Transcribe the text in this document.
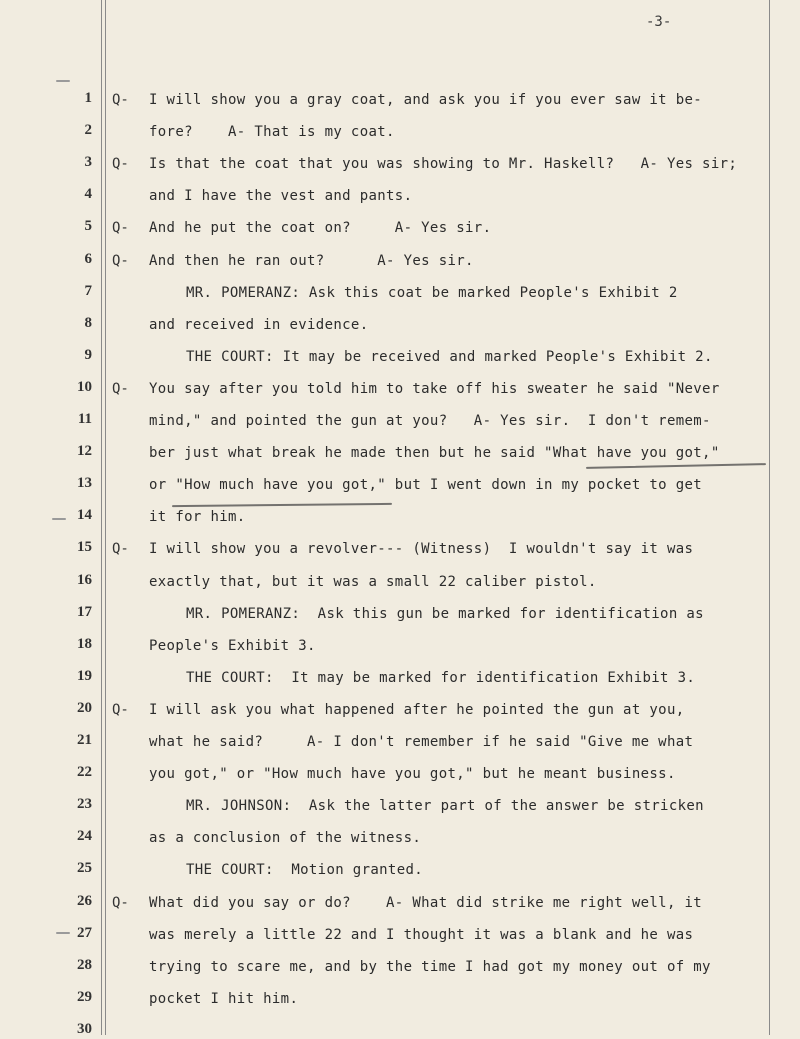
-3-
1 Q- I will show you a gray coat, and ask you if you ever saw it be-
2	fore?    A- That is my coat.
3 Q- Is that the coat that you was showing to Mr. Haskell?   A- Yes sir;
4	and I have the vest and pants.
5 Q- And he put the coat on?     A- Yes sir.
6 Q- And then he ran out?      A- Yes sir.
7	MR. POMERANZ: Ask this coat be marked People's Exhibit 2
8	and received in evidence.
9	THE COURT: It may be received and marked People's Exhibit 2.
10 Q- You say after you told him to take off his sweater he said "Never
11	mind," and pointed the gun at you?   A- Yes sir.  I don't remem-
12	ber just what break he made then but he said "What have you got,"
13	or "How much have you got," but I went down in my pocket to get
14	it for him.
15 Q- I will show you a revolver--- (Witness)  I wouldn't say it was
16	exactly that, but it was a small 22 caliber pistol.
17	MR. POMERANZ:  Ask this gun be marked for identification as
18	People's Exhibit 3.
19	THE COURT:  It may be marked for identification Exhibit 3.
20 Q- I will ask you what happened after he pointed the gun at you,
21	what he said?     A- I don't remember if he said "Give me what
22	you got," or "How much have you got," but he meant business.
23	MR. JOHNSON:  Ask the latter part of the answer be stricken
24	as a conclusion of the witness.
25	THE COURT:  Motion granted.
26 Q- What did you say or do?    A- What did strike me right well, it
27	was merely a little 22 and I thought it was a blank and he was
28	trying to scare me, and by the time I had got my money out of my
29	pocket I hit him.
30
